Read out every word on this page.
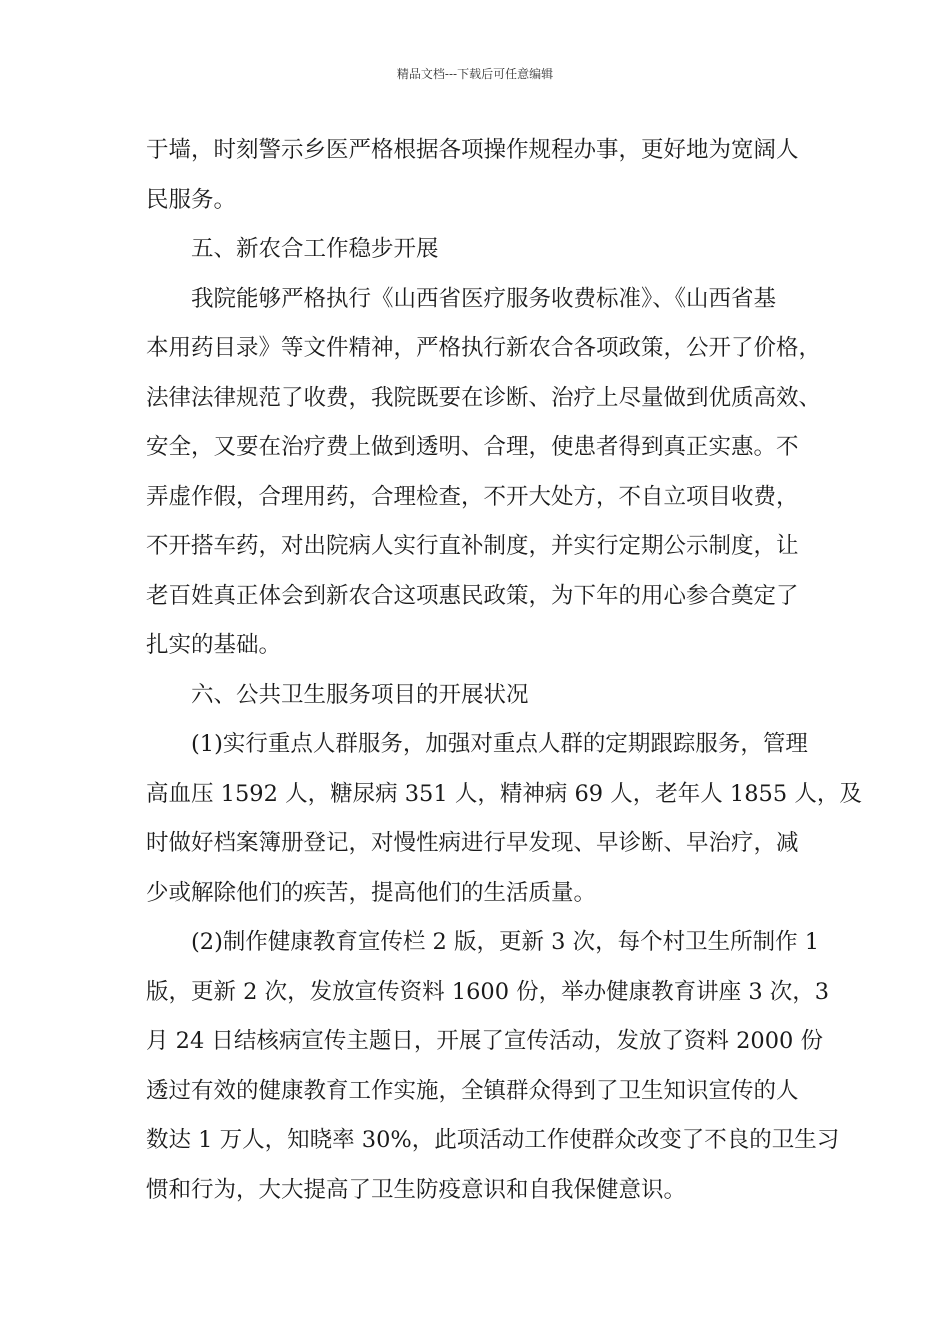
精品文档---下载后可任意编辑
于墙，时刻警示乡医严格根据各项操作规程办事，更好地为宽阔人
民服务。
五、新农合工作稳步开展
我院能够严格执行《山西省医疗服务收费标准》、《山西省基
本用药目录》等文件精神，严格执行新农合各项政策，公开了价格，
法律法律规范了收费，我院既要在诊断、治疗上尽量做到优质高效、
安全，又要在治疗费上做到透明、合理，使患者得到真正实惠。不
弄虚作假，合理用药，合理检查，不开大处方，不自立项目收费，
不开搭车药，对出院病人实行直补制度，并实行定期公示制度，让
老百姓真正体会到新农合这项惠民政策，为下年的用心参合奠定了
扎实的基础。
六、公共卫生服务项目的开展状况
(1)实行重点人群服务，加强对重点人群的定期跟踪服务，管理
高血压 1592 人，糖尿病 351 人，精神病 69 人，老年人 1855 人，及
时做好档案簿册登记，对慢性病进行早发现、早诊断、早治疗，减
少或解除他们的疾苦，提高他们的生活质量。
(2)制作健康教育宣传栏 2 版，更新 3 次，每个村卫生所制作 1
版，更新 2 次，发放宣传资料 1600 份，举办健康教育讲座 3 次，3
月 24 日结核病宣传主题日，开展了宣传活动，发放了资料 2000 份
透过有效的健康教育工作实施，全镇群众得到了卫生知识宣传的人
数达 1 万人，知晓率 30%，此项活动工作使群众改变了不良的卫生习
惯和行为，大大提高了卫生防疫意识和自我保健意识。
